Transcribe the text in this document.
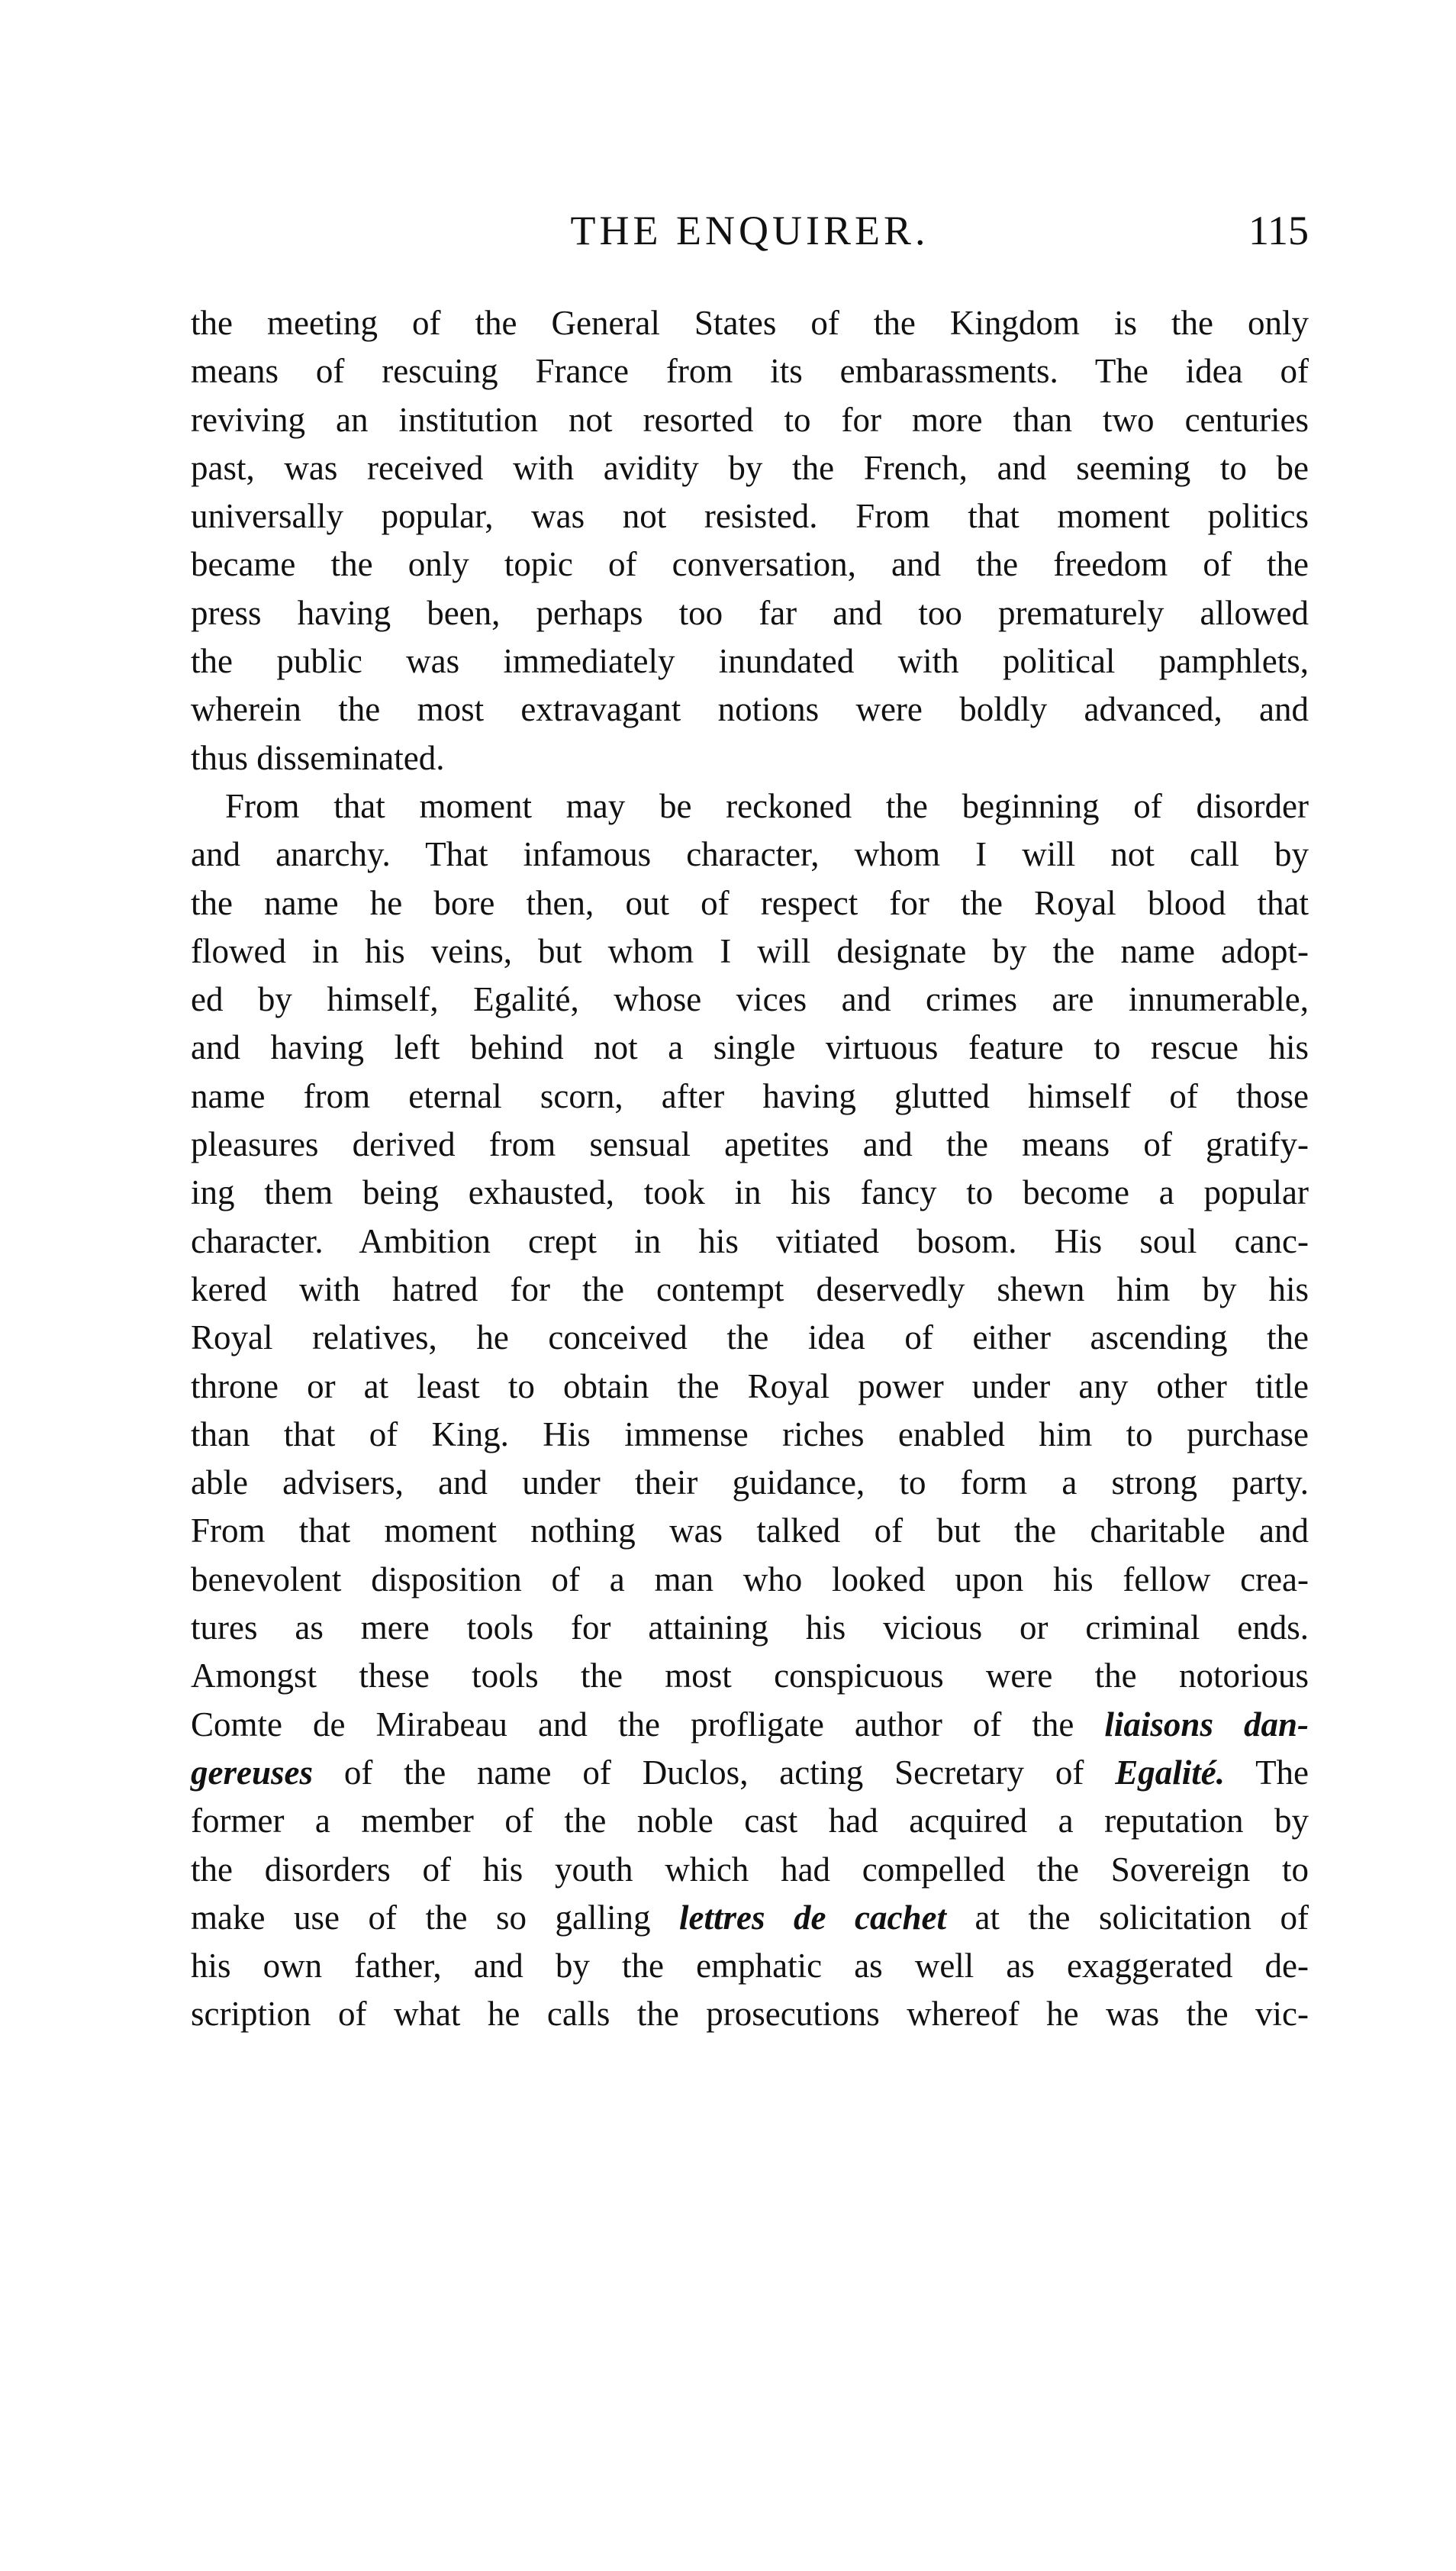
THE ENQUIRER.	115
the meeting of the General States of the Kingdom is the only
means of rescuing France from its embarassments. The idea of
reviving an institution not resorted to for more than two centuries
past, was received with avidity by the French, and seeming to be
universally popular, was not resisted. From that moment politics
became the only topic of conversation, and the freedom of the
press having been, perhaps too far and too prematurely allowed
the public was immediately inundated with political pamphlets,
wherein the most extravagant notions were boldly advanced, and
thus disseminated.
From that moment may be reckoned the beginning of disorder
and anarchy. That infamous character, whom I will not call by
the name he bore then, out of respect for the Royal blood that
flowed in his veins, but whom I will designate by the name adopt-
ed by himself, Egalité, whose vices and crimes are innumerable,
and having left behind not a single virtuous feature to rescue his
name from eternal scorn, after having glutted himself of those
pleasures derived from sensual apetites and the means of gratify-
ing them being exhausted, took in his fancy to become a popular
character. Ambition crept in his vitiated bosom. His soul canc-
kered with hatred for the contempt deservedly shewn him by his
Royal relatives, he conceived the idea of either ascending the
throne or at least to obtain the Royal power under any other title
than that of King. His immense riches enabled him to purchase
able advisers, and under their guidance, to form a strong party.
From that moment nothing was talked of but the charitable and
benevolent disposition of a man who looked upon his fellow crea-
tures as mere tools for attaining his vicious or criminal ends.
Amongst these tools the most conspicuous were the notorious
Comte de Mirabeau and the profligate author of the liaisons dan-
gereuses of the name of Duclos, acting Secretary of Egalité. The
former a member of the noble cast had acquired a reputation by
the disorders of his youth which had compelled the Sovereign to
make use of the so galling lettres de cachet at the solicitation of
his own father, and by the emphatic as well as exaggerated de-
scription of what he calls the prosecutions whereof he was the vic-
